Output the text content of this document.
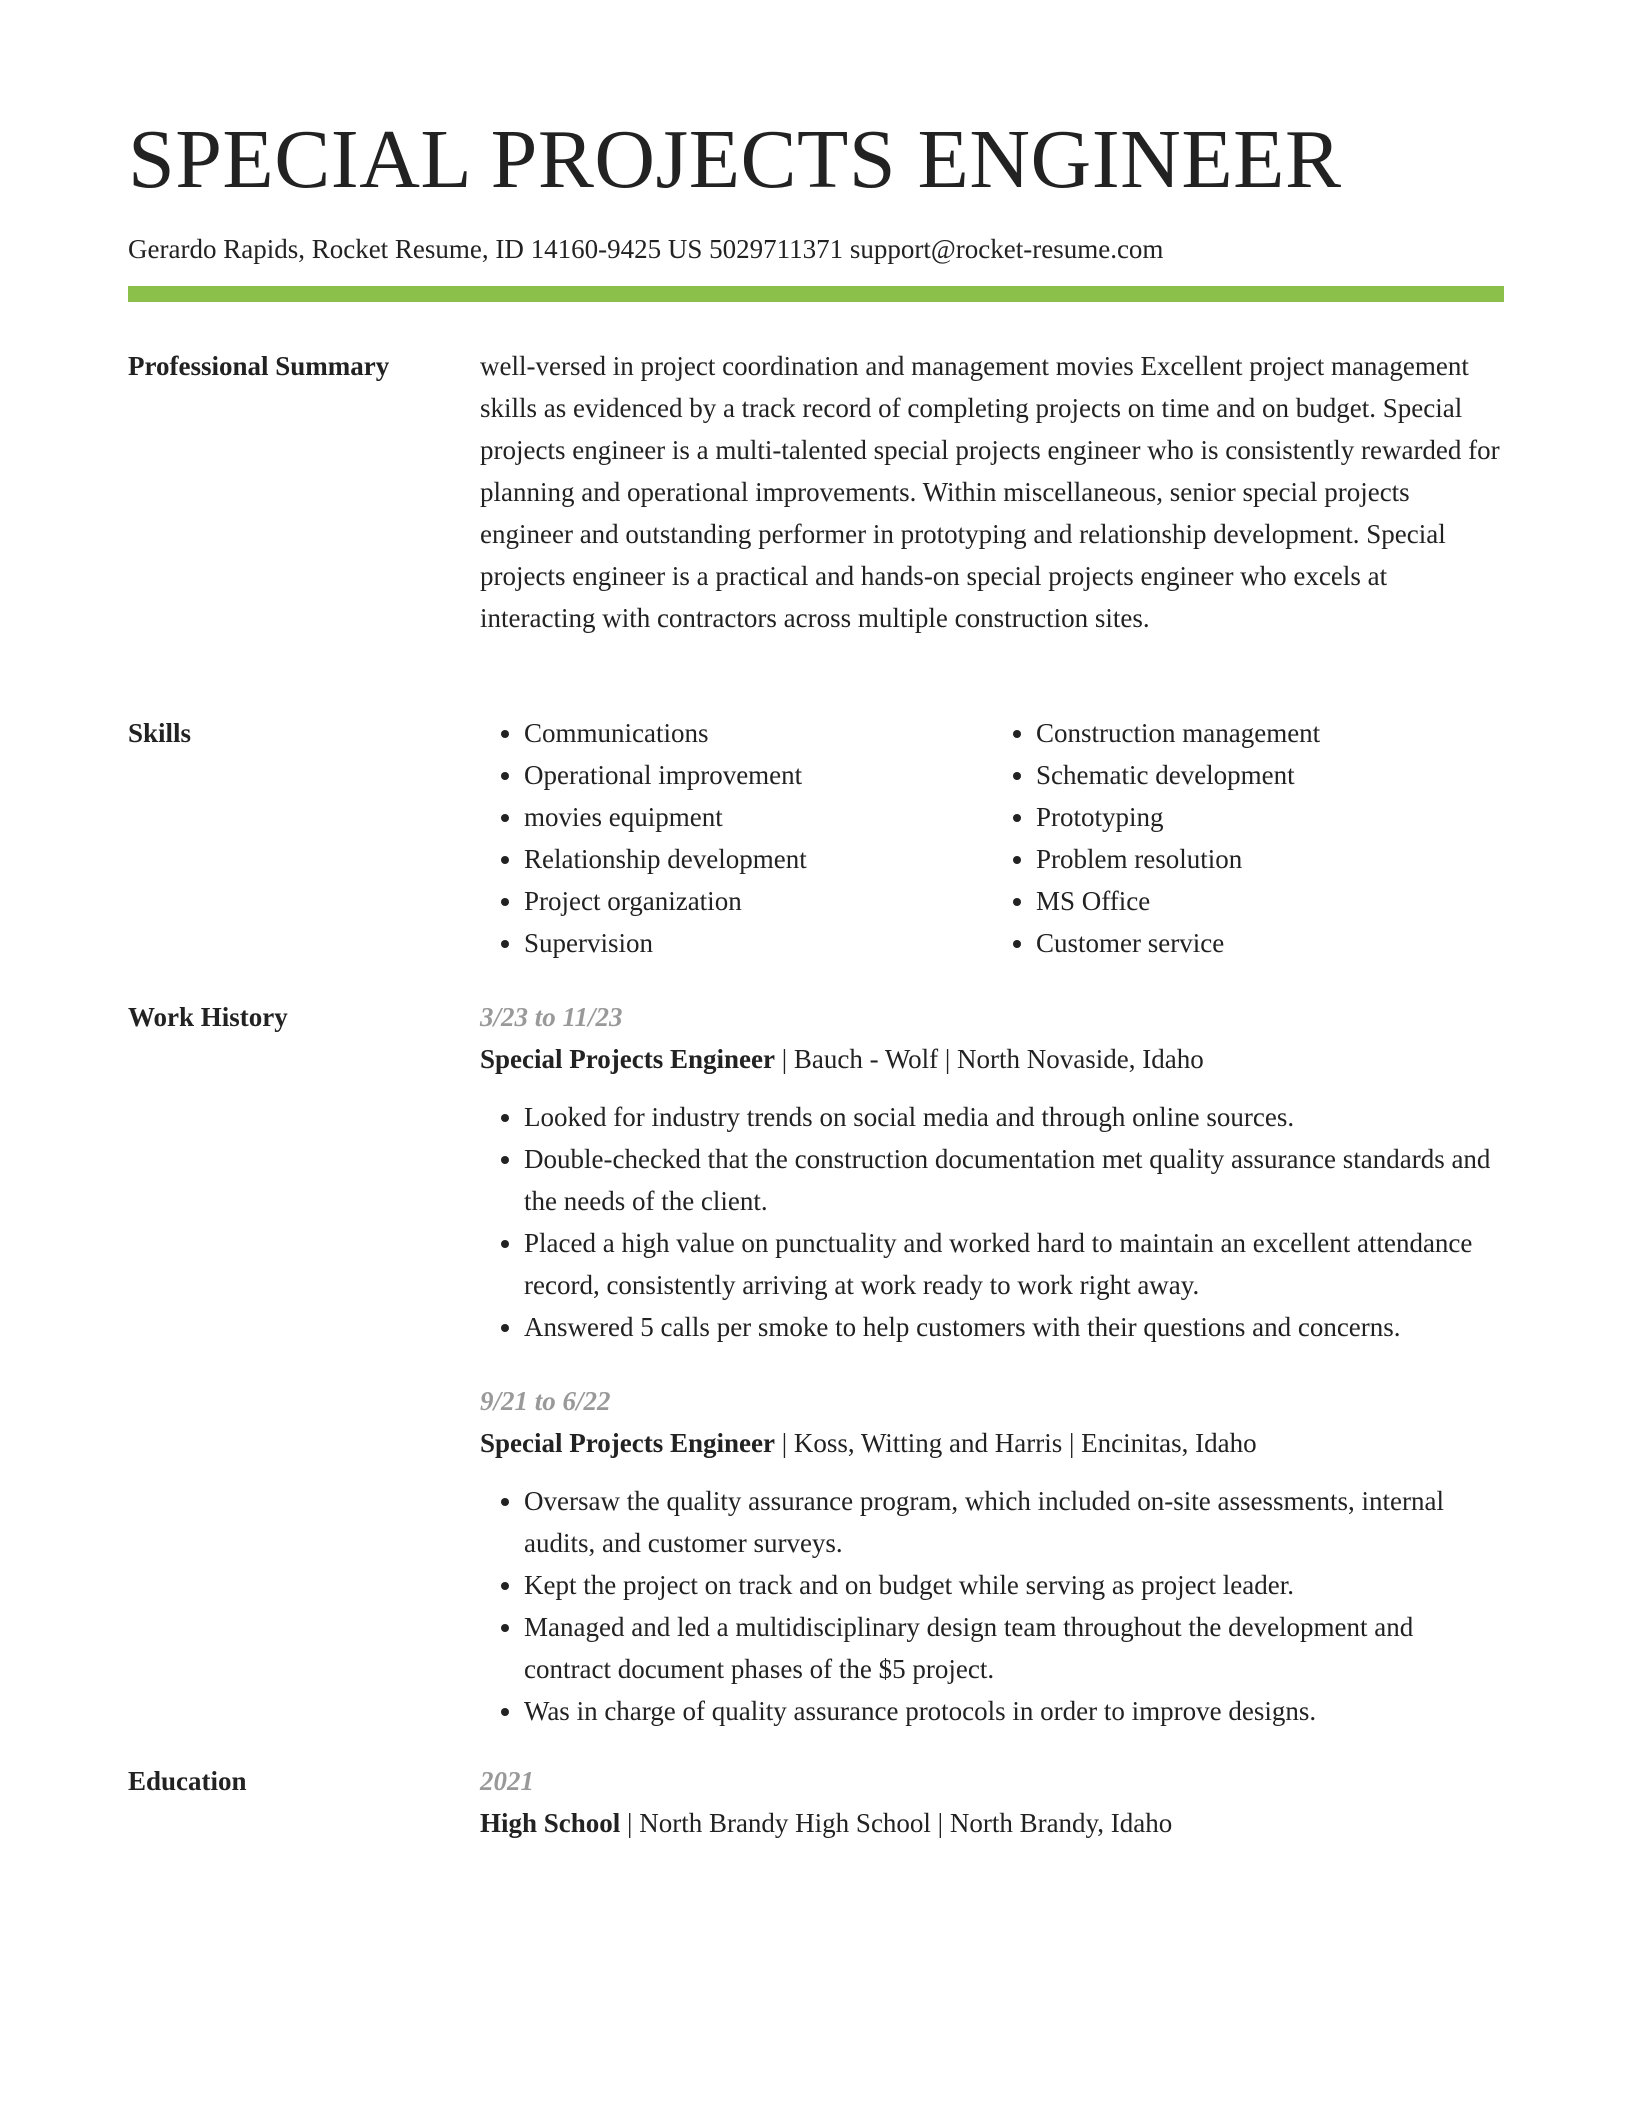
SPECIAL PROJECTS ENGINEER
Gerardo Rapids, Rocket Resume, ID 14160-9425 US 5029711371 support@rocket-resume.com
Professional Summary	well-versed in project coordination and management movies Excellent project management skills as evidenced by a track record of completing projects on time and on budget. Special projects engineer is a multi-talented special projects engineer who is consistently rewarded for planning and operational improvements. Within miscellaneous, senior special projects engineer and outstanding performer in prototyping and relationship development. Special projects engineer is a practical and hands-on special projects engineer who excels at interacting with contractors across multiple construction sites.

Skills
•	Communications
• Operational improvement
• movies equipment
• Relationship development
• Project organization
• Supervision
• Construction management
• Schematic development
• Prototyping
• Problem resolution
• MS Office
• Customer service
Work History	3/23 to 11/23
Special Projects Engineer | Bauch - Wolf | North Novaside, Idaho
• Looked for industry trends on social media and through online sources.
• Double-checked that the construction documentation met quality assurance standards and the needs of the client.
• Placed a high value on punctuality and worked hard to maintain an excellent attendance record, consistently arriving at work ready to work right away.
• Answered 5 calls per smoke to help customers with their questions and concerns.
9/21 to 6/22
Special Projects Engineer | Koss, Witting and Harris | Encinitas, Idaho
• Oversaw the quality assurance program, which included on-site assessments, internal audits, and customer surveys.
• Kept the project on track and on budget while serving as project leader.
• Managed and led a multidisciplinary design team throughout the development and contract document phases of the $5 project.
• Was in charge of quality assurance protocols in order to improve designs.
Education	2021
High School | North Brandy High School | North Brandy, Idaho
